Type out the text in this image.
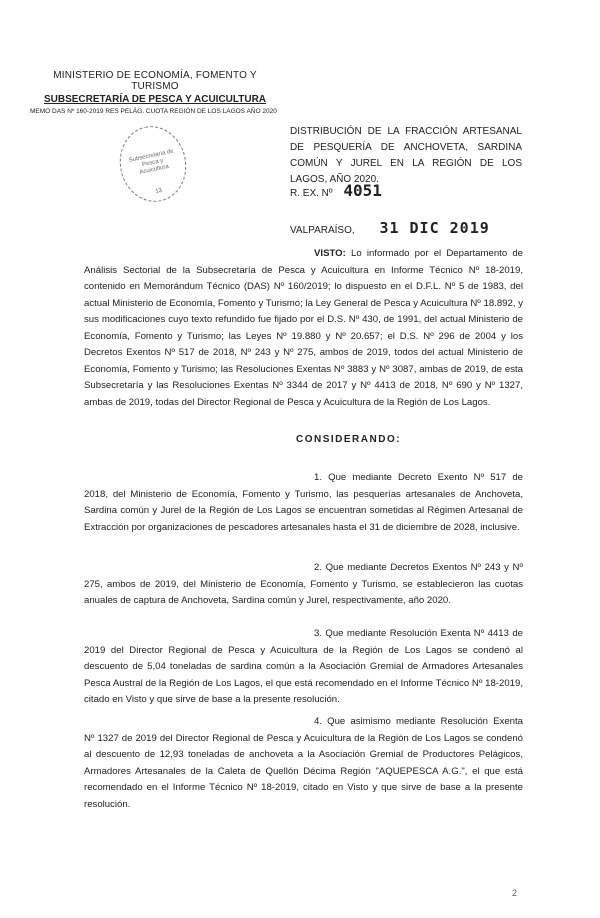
MINISTERIO DE ECONOMÍA, FOMENTO Y TURISMO
SUBSECRETARÍA DE PESCA Y ACUICULTURA
MEMO DAS Nº 160-2019 RES PELÁG. CUOTA REGIÓN DE LOS LAGOS AÑO 2020
Subsecretaría de Pesca y Acuicultura
13
DISTRIBUCIÓN DE LA FRACCIÓN ARTESANAL DE PESQUERÍA DE ANCHOVETA, SARDINA COMÚN Y JUREL EN LA REGIÓN DE LOS LAGOS, AÑO 2020.
R. EX. Nº 4051
VALPARAÍSO, 31 DIC 2019
VISTO: Lo informado por el Departamento de Análisis Sectorial de la Subsecretaría de Pesca y Acuicultura en Informe Técnico Nº 18-2019, contenido en Memorándum Técnico (DAS) Nº 160/2019; lo dispuesto en el D.F.L. Nº 5 de 1983, del actual Ministerio de Economía, Fomento y Turismo; la Ley General de Pesca y Acuicultura Nº 18.892, y sus modificaciones cuyo texto refundido fue fijado por el D.S. Nº 430, de 1991, del actual Ministerio de Economía, Fomento y Turismo; las Leyes Nº 19.880 y Nº 20.657; el D.S. Nº 296 de 2004 y los Decretos Exentos Nº 517 de 2018, Nº 243 y Nº 275, ambos de 2019, todos del actual Ministerio de Economía, Fomento y Turismo; las Resoluciones Exentas Nº 3883 y Nº 3087, ambas de 2019, de esta Subsecretaría y las Resoluciones Exentas Nº 3344 de 2017 y Nº 4413 de 2018, Nº 690 y Nº 1327, ambas de 2019, todas del Director Regional de Pesca y Acuicultura de la Región de Los Lagos.
CONSIDERANDO:
1. Que mediante Decreto Exento Nº 517 de 2018, del Ministerio de Economía, Fomento y Turismo, las pesquerías artesanales de Anchoveta, Sardina común y Jurel de la Región de Los Lagos se encuentran sometidas al Régimen Artesanal de Extracción por organizaciones de pescadores artesanales hasta el 31 de diciembre de 2028, inclusive.
2. Que mediante Decretos Exentos Nº 243 y Nº 275, ambos de 2019, del Ministerio de Economía, Fomento y Turismo, se establecieron las cuotas anuales de captura de Anchoveta, Sardina común y Jurel, respectivamente, año 2020.
3. Que mediante Resolución Exenta Nº 4413 de 2019 del Director Regional de Pesca y Acuicultura de la Región de Los Lagos se condenó al descuento de 5,04 toneladas de sardina común a la Asociación Gremial de Armadores Artesanales Pesca Austral de la Región de Los Lagos, el que está recomendado en el Informe Técnico Nº 18-2019, citado en Visto y que sirve de base a la presente resolución.
4. Que asimismo mediante Resolución Exenta Nº 1327 de 2019 del Director Regional de Pesca y Acuicultura de la Región de Los Lagos se condenó al descuento de 12,93 toneladas de anchoveta a la Asociación Gremial de Productores Pelágicos, Armadores Artesanales de la Caleta de Quellón Décima Región "AQUEPESCA A.G.", el que está recomendado en el Informe Técnico Nº 18-2019, citado en Visto y que sirve de base a la presente resolución.
2
